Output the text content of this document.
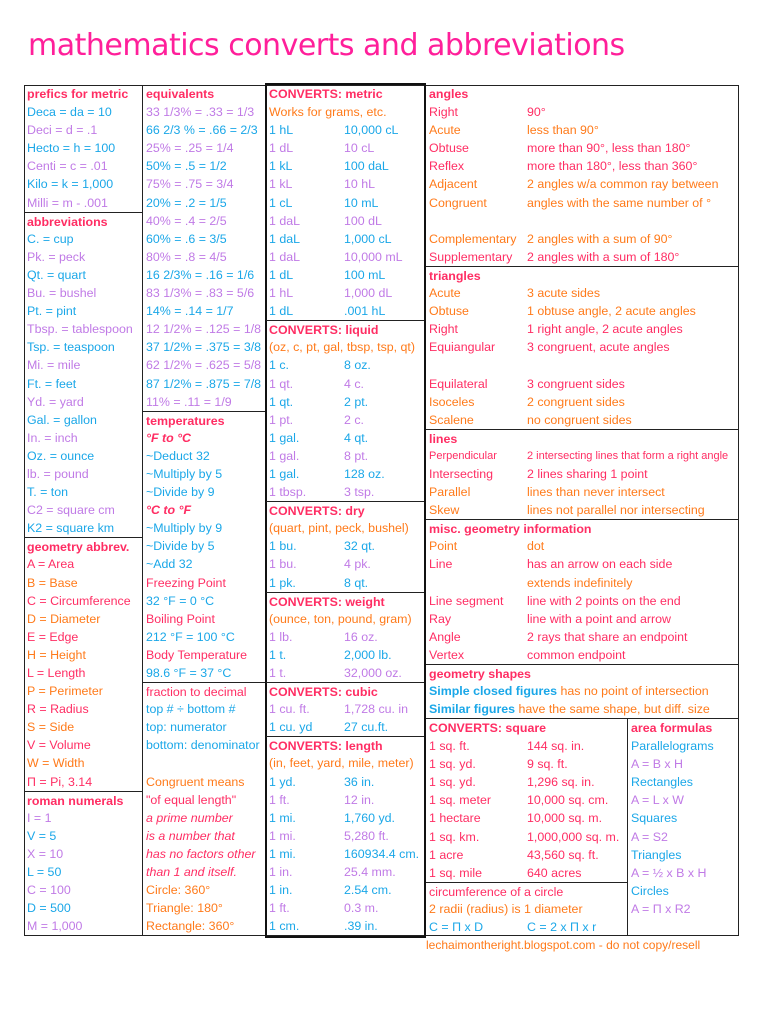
mathematics converts and abbreviations
prefics for metric
Deca = da = 10
Deci = d = .1
Hecto = h = 100
Centi = c = .01
Kilo = k = 1,000
Milli = m - .001
abbreviations
C. = cup
Pk. = peck
Qt. = quart
Bu. = bushel
Pt. = pint
Tbsp. = tablespoon
Tsp. = teaspoon
Mi. = mile
Ft. = feet
Yd. = yard
Gal. = gallon
In. = inch
Oz. = ounce
lb. = pound
T. = ton
C2 = square cm
K2 = square km
geometry abbrev.
A = Area
B = Base
C = Circumference
D = Diameter
E = Edge
H = Height
L = Length
P = Perimeter
R = Radius
S = Side
V = Volume
W = Width
Π = Pi, 3.14
roman numerals
I = 1
V = 5
X = 10
L = 50
C = 100
D = 500
M = 1,000
equivalents
33 1/3% = .33 = 1/3
66 2/3 % = .66 = 2/3
25% = .25 = 1/4
50% = .5 = 1/2
75% = .75 = 3/4
20% = .2 = 1/5
40% = .4 = 2/5
60% = .6 = 3/5
80% = .8 = 4/5
16 2/3% = .16 = 1/6
83 1/3% = .83 = 5/6
14% = .14 = 1/7
12 1/2% = .125 = 1/8
37 1/2% = .375 = 3/8
62 1/2% = .625 = 5/8
87 1/2% = .875 = 7/8
11% = .11 = 1/9
temperatures
°F to °C
~Deduct 32
~Multiply by 5
~Divide by 9
°C to °F
~Multiply by 9
~Divide by 5
~Add 32
Freezing Point
32 °F = 0 °C
Boiling Point
212 °F = 100 °C
Body Temperature
98.6 °F = 37 °C
fraction to decimal
top # ÷ bottom #
top: numerator
bottom: denominator
Congruent means
"of equal length"
a prime number
is a number that
has no factors other
than 1 and itself.
Circle: 360°
Triangle: 180°
Rectangle: 360°
CONVERTS: metric
Works for grams, etc.
1 hL	10,000 cL
1 dL	10 cL
1 kL	100 daL
1 kL	10 hL
1 cL	10 mL
1 daL	100 dL
1 daL	1,000 cL
1 daL	10,000 mL
1 dL	100 mL
1 hL	1,000 dL
1 dL	.001 hL
CONVERTS: liquid
(oz, c, pt, gal, tbsp, tsp, qt)
1 c.	8 oz.
1 qt.	4 c.
1 qt.	2 pt.
1 pt.	2 c.
1 gal.	4 qt.
1 gal.	8 pt.
1 gal.	128 oz.
1 tbsp.	3 tsp.
CONVERTS: dry
(quart, pint, peck, bushel)
1 bu.	32 qt.
1 bu.	4 pk.
1 pk.	8 qt.
CONVERTS: weight
(ounce, ton, pound, gram)
1 lb.	16 oz.
1 t.	2,000 lb.
1 t.	32,000 oz.
CONVERTS: cubic
1 cu. ft.	1,728 cu. in
1 cu. yd	27 cu.ft.
CONVERTS: length
(in, feet, yard, mile, meter)
1 yd.	36 in.
1 ft.	12 in.
1 mi.	1,760 yd.
1 mi.	5,280 ft.
1 mi.	160934.4 cm.
1 in.	25.4 mm.
1 in.	2.54 cm.
1 ft.	0.3 m.
1 cm.	.39 in.
angles
Right	90°
Acute	less than 90°
Obtuse	more than 90°, less than 180°
Reflex	more than 180°, less than 360°
Adjacent	2 angles w/a common ray between
Congruent	angles with the same number of °
Complementary 2 angles with a sum of 90°
Supplementary 2 angles with a sum of 180°
triangles
Acute	3 acute sides
Obtuse	1 obtuse angle, 2 acute angles
Right	1 right angle, 2 acute angles
Equiangular	3 congruent, acute angles
Equilateral	3 congruent sides
Isoceles	2 congruent sides
Scalene	no congruent sides
lines
Perpendicular	2 intersecting lines that form a right angle
Intersecting	2 lines sharing 1 point
Parallel	lines than never intersect
Skew	lines not parallel nor intersecting
misc. geometry information
Point	dot
Line	has an arrow on each side
extends indefinitely
Line segment line with 2 points on the end
Ray	line with a point and arrow
Angle	2 rays that share an endpoint
Vertex	common endpoint
geometry shapes
Simple closed figures has no point of intersection
Similar figures have the same shape, but diff. size
CONVERTS: square
1 sq. ft.	144 sq. in.
1 sq. yd.	9 sq. ft.
1 sq. yd.	1,296 sq. in.
1 sq. meter	10,000 sq. cm.
1 hectare	10,000 sq. m.
1 sq. km.	1,000,000 sq. m.
1 acre	43,560 sq. ft.
1 sq. mile	640 acres
circumference of a circle
2 radii (radius) is 1 diameter
C = Π x D	C = 2 x Π x r
area formulas
Parallelograms
A = B x H
Rectangles
A = L x W
Squares
A = S2
Triangles
A = ½ x B x H
Circles
A = Π x R2
lechaimontheright.blogspot.com - do not copy/resell
